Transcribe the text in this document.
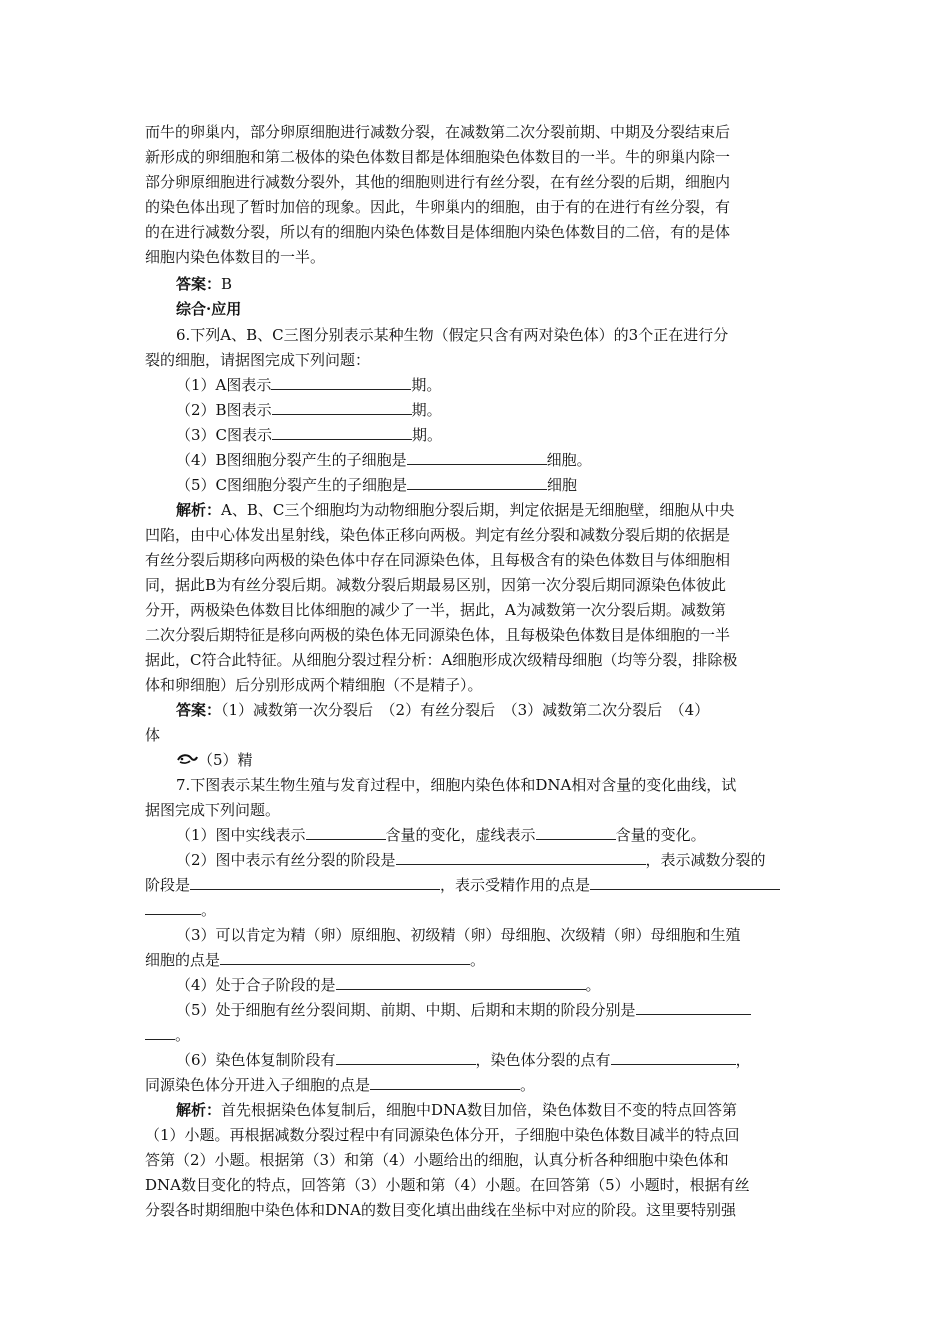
而牛的卵巢内，部分卵原细胞进行减数分裂，在减数第二次分裂前期、中期及分裂结束后
新形成的卵细胞和第二极体的染色体数目都是体细胞染色体数目的一半。牛的卵巢内除一
部分卵原细胞进行减数分裂外，其他的细胞则进行有丝分裂，在有丝分裂的后期，细胞内
的染色体出现了暂时加倍的现象。因此，牛卵巢内的细胞，由于有的在进行有丝分裂，有
的在进行减数分裂，所以有的细胞内染色体数目是体细胞内染色体数目的二倍，有的是体
细胞内染色体数目的一半。
答案：B
综合·应用
6.下列A、B、C三图分别表示某种生物（假定只含有两对染色体）的3个正在进行分
裂的细胞，请据图完成下列问题：
（1）A图表示	期。
（2）B图表示	期。
（3）C图表示	期。
（4）B图细胞分裂产生的子细胞是	细胞。
（5）C图细胞分裂产生的子细胞是	细胞
解析：A、B、C三个细胞均为动物细胞分裂后期，判定依据是无细胞壁，细胞从中央
凹陷，由中心体发出星射线，染色体正移向两极。判定有丝分裂和减数分裂后期的依据是
有丝分裂后期移向两极的染色体中存在同源染色体，且每极含有的染色体数目与体细胞相
同，据此B为有丝分裂后期。减数分裂后期最易区别，因第一次分裂后期同源染色体彼此
分开，两极染色体数目比体细胞的减少了一半，据此，A为减数第一次分裂后期。减数第
二次分裂后期特征是移向两极的染色体无同源染色体，且每极染色体数目是体细胞的一半
据此，C符合此特征。从细胞分裂过程分析：A细胞形成次级精母细胞（均等分裂，排除极
体和卵细胞）后分别形成两个精细胞（不是精子）。
答案：（1）减数第一次分裂后　（2）有丝分裂后　（3）减数第二次分裂后　（4）
体
（5）精
7.下图表示某生物生殖与发育过程中，细胞内染色体和DNA相对含量的变化曲线，试
据图完成下列问题。
（1）图中实线表示	含量的变化，虚线表示	含量的变化。
（2）图中表示有丝分裂的阶段是	，表示减数分裂的
阶段是	，表示受精作用的点是
。
（3）可以肯定为精（卵）原细胞、初级精（卵）母细胞、次级精（卵）母细胞和生殖
细胞的点是	。
（4）处于合子阶段的是	。
（5）处于细胞有丝分裂间期、前期、中期、后期和末期的阶段分别是
。
（6）染色体复制阶段有	，染色体分裂的点有	，
同源染色体分开进入子细胞的点是	。
解析：首先根据染色体复制后，细胞中DNA数目加倍，染色体数目不变的特点回答第
（1）小题。再根据减数分裂过程中有同源染色体分开，子细胞中染色体数目减半的特点回
答第（2）小题。根据第（3）和第（4）小题给出的细胞，认真分析各种细胞中染色体和
DNA数目变化的特点，回答第（3）小题和第（4）小题。在回答第（5）小题时，根据有丝
分裂各时期细胞中染色体和DNA的数目变化填出曲线在坐标中对应的阶段。这里要特别强
